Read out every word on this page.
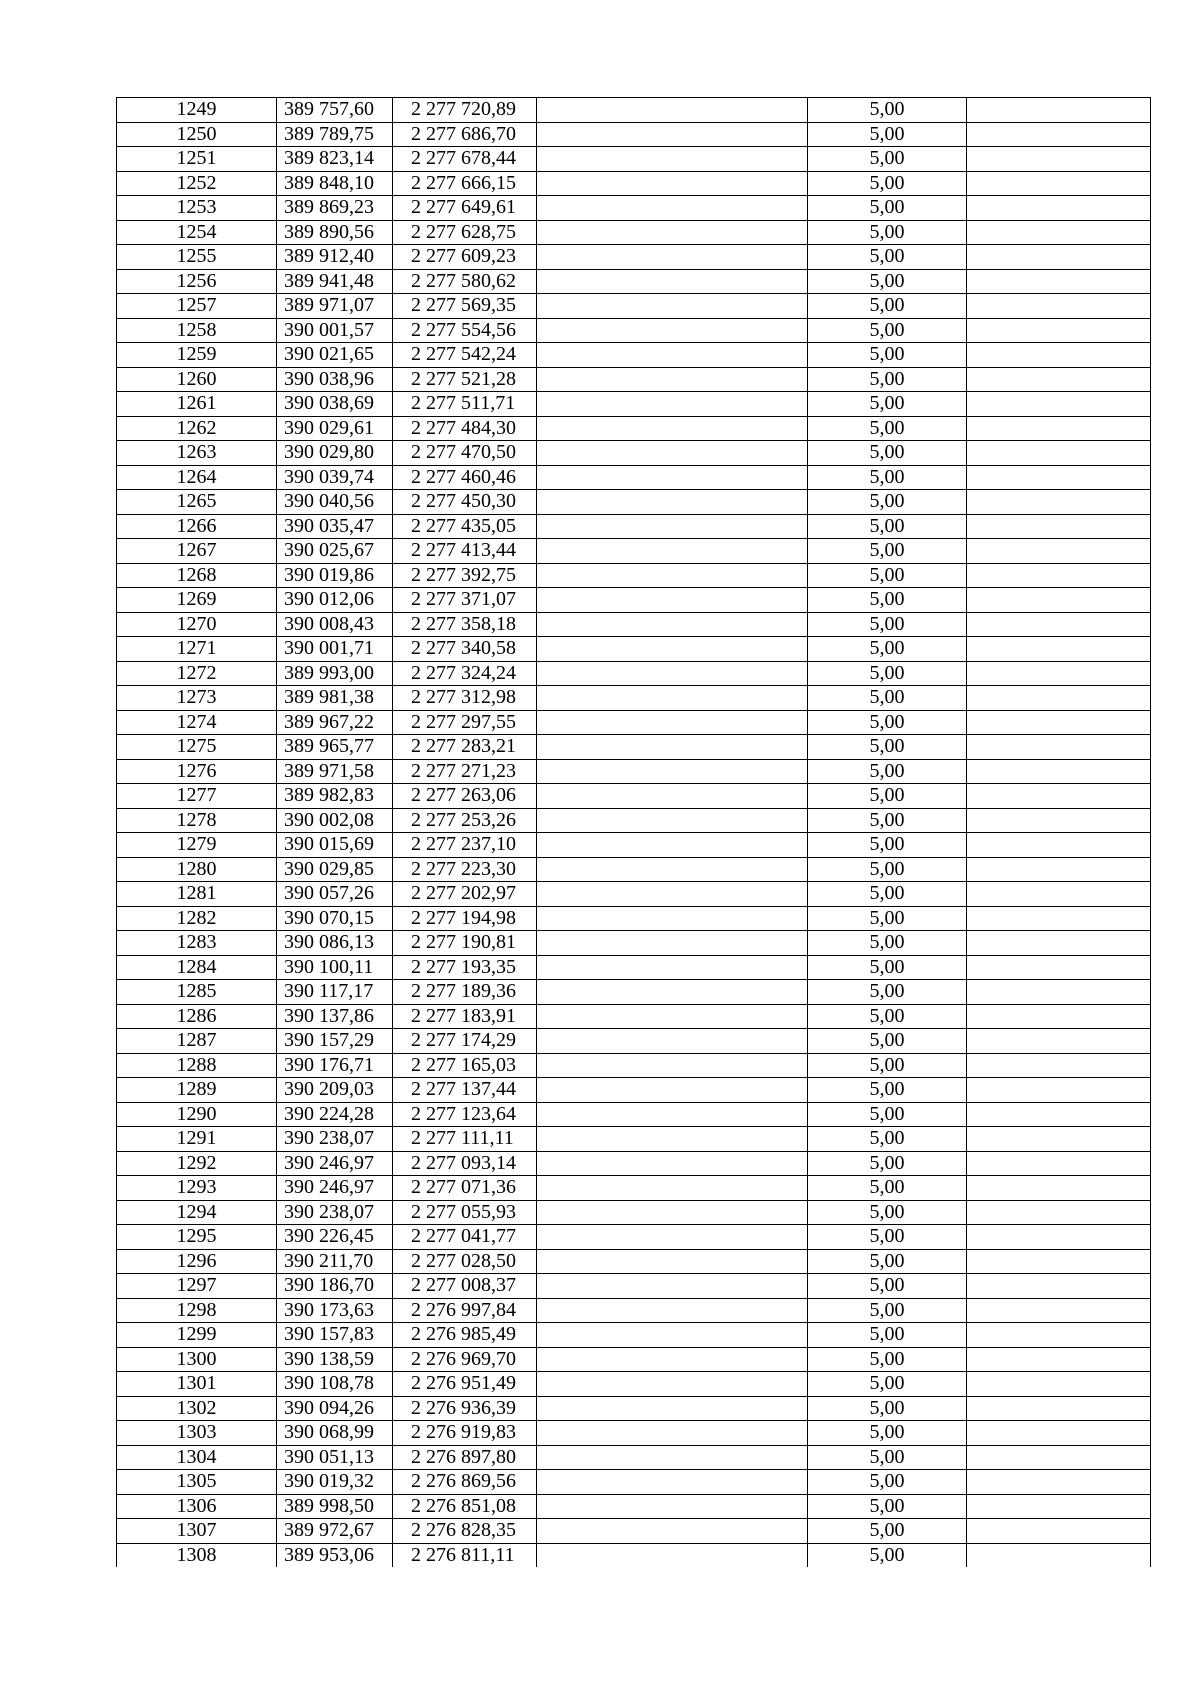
1249	389 757,60	2 277 720,89		5,00	
1250	389 789,75	2 277 686,70		5,00	
1251	389 823,14	2 277 678,44		5,00	
1252	389 848,10	2 277 666,15		5,00	
1253	389 869,23	2 277 649,61		5,00	
1254	389 890,56	2 277 628,75		5,00	
1255	389 912,40	2 277 609,23		5,00	
1256	389 941,48	2 277 580,62		5,00	
1257	389 971,07	2 277 569,35		5,00	
1258	390 001,57	2 277 554,56		5,00	
1259	390 021,65	2 277 542,24		5,00	
1260	390 038,96	2 277 521,28		5,00	
1261	390 038,69	2 277 511,71		5,00	
1262	390 029,61	2 277 484,30		5,00	
1263	390 029,80	2 277 470,50		5,00	
1264	390 039,74	2 277 460,46		5,00	
1265	390 040,56	2 277 450,30		5,00	
1266	390 035,47	2 277 435,05		5,00	
1267	390 025,67	2 277 413,44		5,00	
1268	390 019,86	2 277 392,75		5,00	
1269	390 012,06	2 277 371,07		5,00	
1270	390 008,43	2 277 358,18		5,00	
1271	390 001,71	2 277 340,58		5,00	
1272	389 993,00	2 277 324,24		5,00	
1273	389 981,38	2 277 312,98		5,00	
1274	389 967,22	2 277 297,55		5,00	
1275	389 965,77	2 277 283,21		5,00	
1276	389 971,58	2 277 271,23		5,00	
1277	389 982,83	2 277 263,06		5,00	
1278	390 002,08	2 277 253,26		5,00	
1279	390 015,69	2 277 237,10		5,00	
1280	390 029,85	2 277 223,30		5,00	
1281	390 057,26	2 277 202,97		5,00	
1282	390 070,15	2 277 194,98		5,00	
1283	390 086,13	2 277 190,81		5,00	
1284	390 100,11	2 277 193,35		5,00	
1285	390 117,17	2 277 189,36		5,00	
1286	390 137,86	2 277 183,91		5,00	
1287	390 157,29	2 277 174,29		5,00	
1288	390 176,71	2 277 165,03		5,00	
1289	390 209,03	2 277 137,44		5,00	
1290	390 224,28	2 277 123,64		5,00	
1291	390 238,07	2 277 111,11		5,00	
1292	390 246,97	2 277 093,14		5,00	
1293	390 246,97	2 277 071,36		5,00	
1294	390 238,07	2 277 055,93		5,00	
1295	390 226,45	2 277 041,77		5,00	
1296	390 211,70	2 277 028,50		5,00	
1297	390 186,70	2 277 008,37		5,00	
1298	390 173,63	2 276 997,84		5,00	
1299	390 157,83	2 276 985,49		5,00	
1300	390 138,59	2 276 969,70		5,00	
1301	390 108,78	2 276 951,49		5,00	
1302	390 094,26	2 276 936,39		5,00	
1303	390 068,99	2 276 919,83		5,00	
1304	390 051,13	2 276 897,80		5,00	
1305	390 019,32	2 276 869,56		5,00	
1306	389 998,50	2 276 851,08		5,00	
1307	389 972,67	2 276 828,35		5,00	
1308	389 953,06	2 276 811,11		5,00	
